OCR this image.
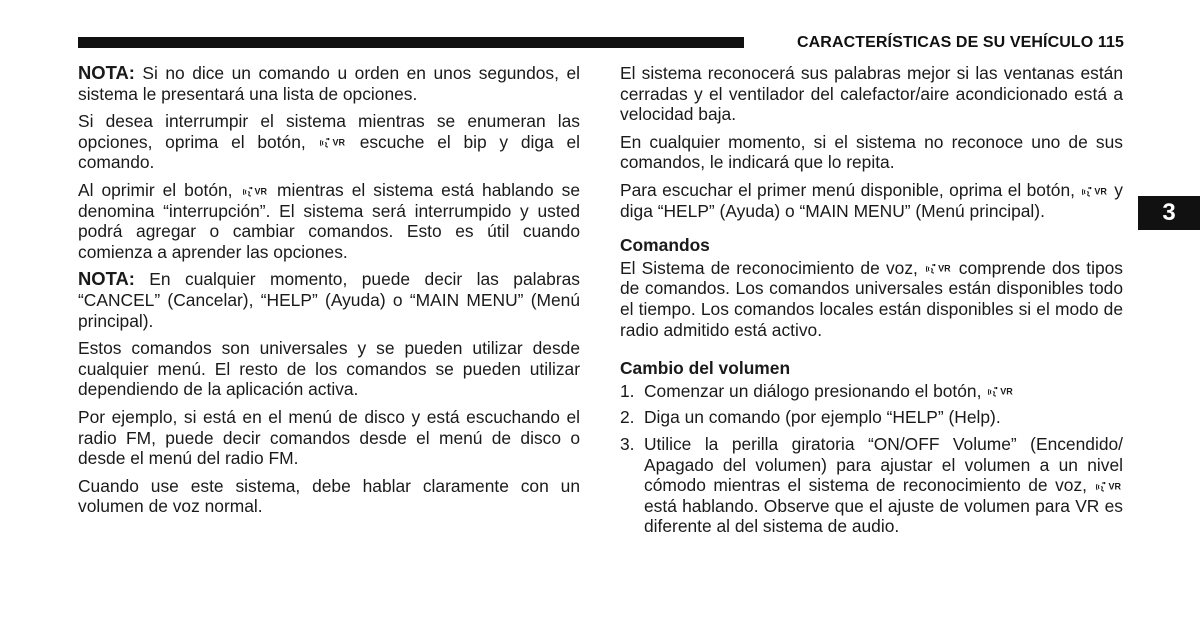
CARACTERÍSTICAS DE SU VEHÍCULO 115
3

NOTA: Si no dice un comando u orden en unos segundos, el sistema le presentará una lista de opciones.

Si desea interrumpir el sistema mientras se enumeran las opciones, oprima el botón, VR escuche el bip y diga el comando.

Al oprimir el botón, VR mientras el sistema está hablando se denomina “interrupción”. El sistema será interrumpido y usted podrá agregar o cambiar comandos. Esto es útil cuando comienza a aprender las opciones.

NOTA: En cualquier momento, puede decir las palabras “CANCEL” (Cancelar), “HELP” (Ayuda) o “MAIN MENU” (Menú principal).

Estos comandos son universales y se pueden utilizar desde cualquier menú. El resto de los comandos se pueden utilizar dependiendo de la aplicación activa.

Por ejemplo, si está en el menú de disco y está escuchando el radio FM, puede decir comandos desde el menú de disco o desde el menú del radio FM.

Cuando use este sistema, debe hablar claramente con un volumen de voz normal.

El sistema reconocerá sus palabras mejor si las ventanas están cerradas y el ventilador del calefactor/aire acondicionado está a velocidad baja.

En cualquier momento, si el sistema no reconoce uno de sus comandos, le indicará que lo repita.

Para escuchar el primer menú disponible, oprima el botón, VR y diga “HELP” (Ayuda) o “MAIN MENU” (Menú principal).

Comandos

El Sistema de reconocimiento de voz, VR comprende dos tipos de comandos. Los comandos universales están disponibles todo el tiempo. Los comandos locales están disponibles si el modo de radio admitido está activo.

Cambio del volumen
1. Comenzar un diálogo presionando el botón, VR
2. Diga un comando (por ejemplo “HELP” (Help).
3. Utilice la perilla giratoria “ON/OFF Volume” (Encendido/ Apagado del volumen) para ajustar el volumen a un nivel cómodo mientras el sistema de reconocimiento de voz, VR está hablando. Observe que el ajuste de volumen para VR es diferente al del sistema de audio.
